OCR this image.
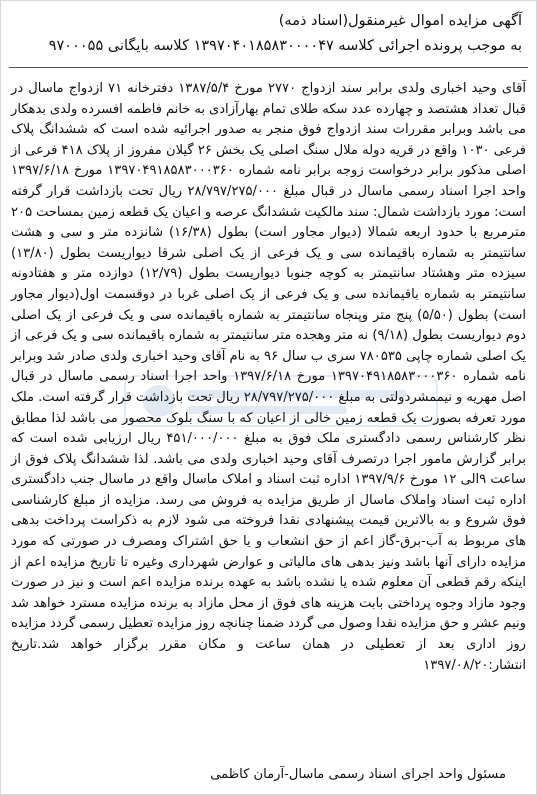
آگهی مزایده اموال غیرمنقول(اسناد ذمه)
به موجب پرونده اجرائی کلاسه ۱۳۹۷۰۴۰۱۸۵۸۳۰۰۰۰۴۷ کلاسه بایگانی ۹۷۰۰۰۵۵
آقای وحید اخباری ولدی برابر سند ازدواج ۲۷۷۰ مورخ ۱۳۸۷/۵/۴ دفترخانه ۷۱ ازدواج ماسال در قبال تعداد هشتصد و چهارده عدد سکه طلای تمام بهارآزادی به خانم فاطمه افسرده ولدی بدهکار می باشد وبرابر مقررات سند ازدواج فوق منجر به صدور اجرائیه شده است که ششدانگ پلاک فرعی ۱۰۳۰ واقع در قریه دوله ملال سنگ اصلی یک بخش ۲۶ گیلان مفروز از پلاک ۴۱۸ فرعی از اصلی مذکور برابر درخواست زوجه برابر نامه شماره ۱۳۹۷۰۴۹۱۸۵۸۳۰۰۰۳۶۰ مورخ ۱۳۹۷/۶/۱۸ واحد اجرا اسناد رسمی ماسال در قبال مبلغ ۲۸/۷۹۷/۲۷۵/۰۰۰ ریال تحت بازداشت قرار گرفته است: مورد بازداشت شمال: سند مالکیت ششدانگ عرصه و اعیان یک قطعه زمین بمساحت ۲۰۵ مترمربع با حدود اربعه شمالا (دیوار مجاور است) بطول (۱۶/۳۸) شانزده متر و سی و هشت سانتیمتر به شماره باقیمانده سی و یک فرعی از یک اصلی شرقا دیواریست بطول (۱۳/۸۰) سیزده متر وهشتاد سانتیمتر به کوچه جنوبا دیواریست بطول (۱۲/۷۹) دوازده متر و هفتادونه سانتیمتر به شماره باقیمانده سی و یک فرعی از یک اصلی غربا در دوقسمت اول(دیوار مجاور است) بطول (۵/۵۰) پنج متر وپنجاه سانتیمتر به شماره باقیمانده سی و یک فرعی از یک اصلی دوم دیواریست بطول (۹/۱۸) نه متر وهجده متر سانتیمتر به شماره باقیمانده سی و یک فرعی از یک اصلی شماره چاپی ۷۸۰۵۳۵ سری ب سال ۹۶ به نام آقای وحید اخباری ولدی صادر شد وبرابر نامه شماره ۱۳۹۷۰۴۹۱۸۵۸۳۰۰۰۳۶۰ مورخ ۱۳۹۷/۶/۱۸ واحد اجرا اسناد رسمی ماسال در قبال اصل مهریه و نیممشردولتی به مبلغ ۲۸/۷۹۷/۲۷۵/۰۰۰ ریال تحت بازداشت قرار گرفته است. ملک مورد تعرفه بصورت یک قطعه زمین خالی از اعیان که با سنگ بلوک محصور می باشد لذا مطابق نظر کارشناس رسمی دادگستری ملک فوق به مبلغ ۴۵۱/۰۰۰/۰۰۰ ریال ارزیابی شده است که برابر گزارش مامور اجرا درتصرف آقای وحید اخباری ولدی می باشد. لذا ششدانگ پلاک فوق از ساعت ۹الی ۱۲ مورخ ۱۳۹۷/۹/۶ اداره ثبت اسناد و املاک ماسال واقع در ماسال جنب دادگستری اداره ثبت اسناد واملاک ماسال از طریق مزایده به فروش می رسد. مزایده از مبلغ کارشناسی فوق شروع و به بالاترین قیمت پیشنهادی نقدا فروخته می شود لازم به ذکراست پرداخت بدهی های مربوط به آب-برق-گاز اعم از حق انشعاب و یا حق اشتراک ومصرف در صورتی که مورد مزایده دارای آنها باشد ونیز بدهی های مالیاتی و عوارض شهرداری وغیره تا تاریخ مزایده اعم از اینکه رقم قطعی آن معلوم شده یا نشده باشد به عهده برنده مزایده اعم است و نیز در صورت وجود مازاد وجوه پرداختی بابت هزینه های فوق از محل مازاد به برنده مزایده مسترد خواهد شد ونیم عشر و حق مزایده نقدا وصول می گردد ضمنا چنانچه روز مزایده تعطیل رسمی گردد مزایده روز اداری بعد از تعطیلی در همان ساعت و مکان مقرر برگزار خواهد شد.تاریخ انتشار:۱۳۹۷/۰۸/۲۰
مسئول واحد اجرای اسناد رسمی ماسال-آرمان کاظمی
